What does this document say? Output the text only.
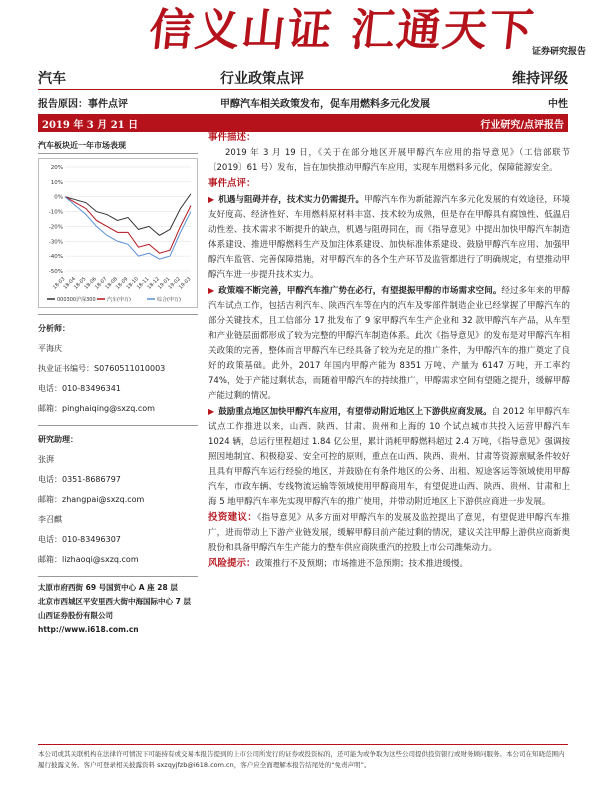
信义山证 汇通天下
证券研究报告
汽车	行业政策点评	维持评级
报告原因：事件点评	甲醇汽车相关政策发布，促车用燃料多元化发展	中性
2019 年 3 月 21 日	行业研究/点评报告
汽车板块近一年市场表现
20%
10%
0%
-10%
-20%
-30%
-40%
-50%
18-03
18-04
18-05
18-06
18-07
18-08
18-09
18-10
18-11
18-12
19-01
19-02
19-03
000300沪深300 汽车(申万)	综合(申万)
分析师：
平海庆
执业证书编号：S0760511010003
电话：010-83496341
邮箱：pinghaiqing@sxzq.com
研究助理：
张湃
电话：0351-8686797
邮箱：zhangpai@sxzq.com
李召麒
电话：010-83496307
邮箱：lizhaoqi@sxzq.com
太原市府西街 69 号国贸中心 A 座 28 层
北京市西城区平安里西大街中海国际中心 7 层
山西证券股份有限公司
http://www.i618.com.cn
事件描述：

2019 年 3 月 19 日，《关于在部分地区开展甲醇汽车应用的指导意见》（工信部联节〔2019〕61 号）发布，旨在加快推动甲醇汽车应用，实现车用燃料多元化，保障能源安全。

事件点评：

▶ 机遇与阻碍并存，技术实力仍需提升。甲醇汽车作为新能源汽车多元化发展的有效途径，环境友好度高、经济性好、车用燃料原材料丰富、技术较为成熟，但是存在甲醇具有腐蚀性、低温启动性差、技术需求不断提升的缺点，机遇与阻碍同在，而《指导意见》中提出加快甲醇汽车制造体系建设、推进甲醇燃料生产及加注体系建设、加快标准体系建设、鼓励甲醇汽车应用、加强甲醇汽车监管、完善保障措施，对甲醇汽车的各个生产环节及监管都进行了明确规定，有望推动甲醇汽车进一步提升技术实力。

▶ 政策端不断完善，甲醇汽车推广势在必行，有望提振甲醇的市场需求空间。经过多年来的甲醇汽车试点工作，包括吉利汽车、陕西汽车等在内的汽车及零部件制造企业已经掌握了甲醇汽车的部分关键技术，且工信部分 17 批发布了 9 家甲醇汽车生产企业和 32 款甲醇汽车产品，从车型和产业链层面都形成了较为完整的甲醇汽车制造体系。此次《指导意见》的发布是对甲醇汽车相关政策的完善，整体而言甲醇汽车已经具备了较为充足的推广条件，为甲醇汽车的推广奠定了良好的政策基础。此外，2017 年国内甲醇产能为 8351 万吨、产量为 6147 万吨，开工率约 74%，处于产能过剩状态，而随着甲醇汽车的持续推广，甲醇需求空间有望随之提升，缓解甲醇产能过剩的情况。

▶ 鼓励重点地区加快甲醇汽车应用，有望带动附近地区上下游供应商发展。自 2012 年甲醇汽车试点工作推进以来，山西、陕西、甘肃、贵州和上海的 10 个试点城市共投入运营甲醇汽车 1024 辆，总运行里程超过 1.84 亿公里，累计消耗甲醇燃料超过 2.4 万吨，《指导意见》强调按照因地制宜、积极稳妥、安全可控的原则，重点在山西、陕西、贵州、甘肃等资源禀赋条件较好且具有甲醇汽车运行经验的地区，并鼓励在有条件地区的公务、出租、短途客运等领域使用甲醇汽车，市政车辆、专线物流运输等领域使用甲醇商用车，有望促进山西、陕西、贵州、甘肃和上海 5 地甲醇汽车率先实现甲醇汽车的推广使用，并带动附近地区上下游供应商进一步发展。

投资建议：《指导意见》从多方面对甲醇汽车的发展及监控提出了意见，有望促进甲醇汽车推广，进而带动上下游产业链发展，缓解甲醇目前产能过剩的情况，建议关注甲醇上游供应商新奥股份和具备甲醇汽车生产能力的整车供应商陕重汽的控股上市公司潍柴动力。

风险提示：政策推行不及预期；市场推进不急预期；技术推进缓慢。

本公司或其关联机构在法律许可情况下可能持有或交易本报告提到的上市公司所发行的证券或投资标的，还可能为或争取为这些公司提供投资银行或财务顾问服务。本公司在知晓范围内履行披露义务。客户可登录相关披露资料 sxzqyjfzb@i618.com.cn，客户应全面理解本报告结尾处的“免责声明”。
